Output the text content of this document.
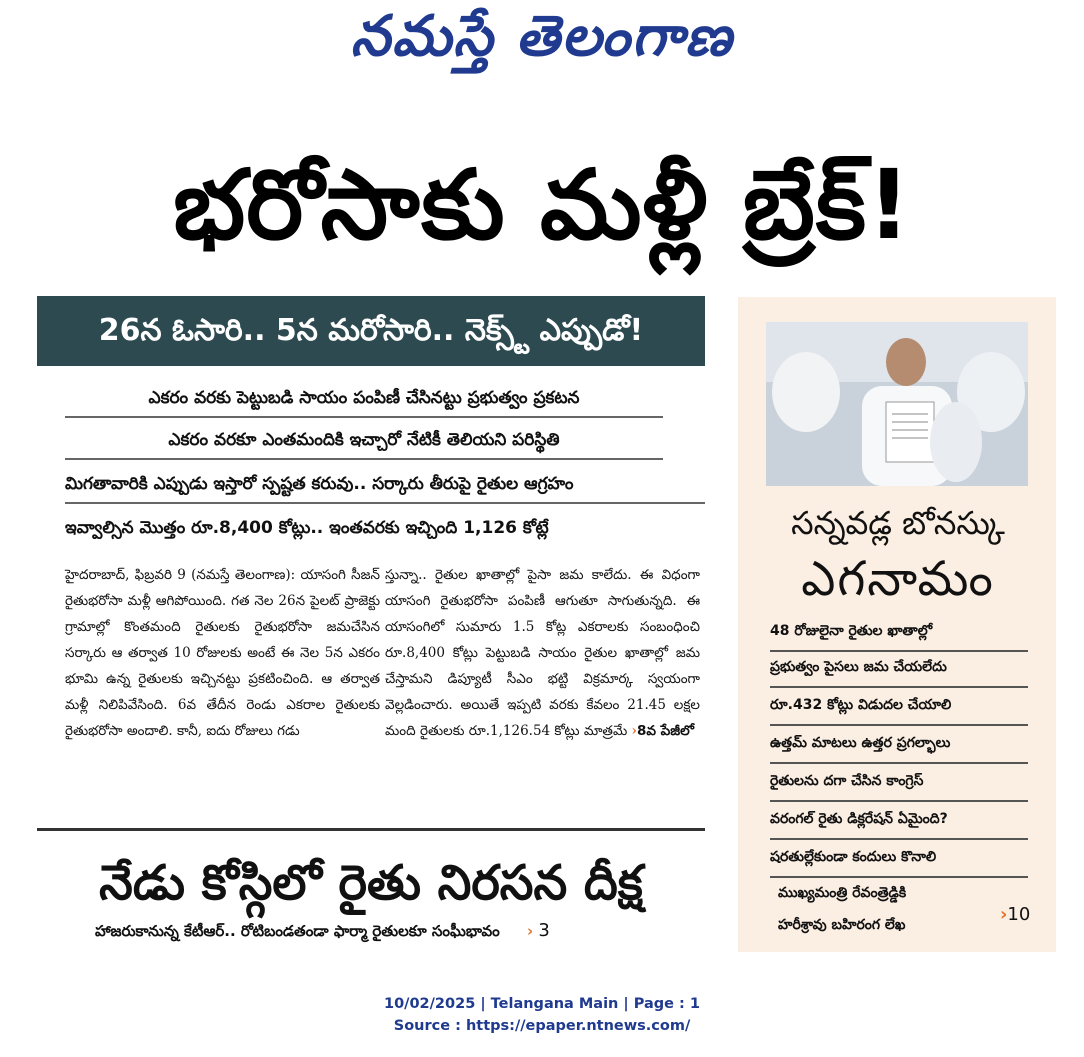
నమస్తే తెలంగాణ
భరోసాకు మళ్లీ బ్రేక్!
26న ఓసారి.. 5న మరోసారి.. నెక్స్ట్ ఎప్పుడో!
ఎకరం వరకు పెట్టుబడి సాయం పంపిణీ చేసినట్టు ప్రభుత్వం ప్రకటన
ఎకరం వరకూ ఎంతమందికి ఇచ్చారో నేటికీ తెలియని పరిస్థితి
మిగతావారికి ఎప్పుడు ఇస్తారో స్పష్టత కరువు.. సర్కారు తీరుపై రైతుల ఆగ్రహం
ఇవ్వాల్సిన మొత్తం రూ.8,400 కోట్లు.. ఇంతవరకు ఇచ్చింది 1,126 కోట్లే
హైదరాబాద్, ఫిబ్రవరి 9 (నమస్తే తెలంగాణ): యాసంగి సీజన్ రైతుభరోసా మళ్లీ ఆగిపోయింది. గత నెల 26న పైలట్ ప్రాజెక్టు గ్రామాల్లో కొంతమంది రైతులకు రైతుభరోసా జమచేసిన సర్కారు ఆ తర్వాత 10 రోజులకు అంటే ఈ నెల 5న ఎకరం భూమి ఉన్న రైతులకు ఇచ్చినట్టు ప్రకటించింది. ఆ తర్వాత మళ్లీ నిలిపివేసింది. 6వ తేదీన రెండు ఎకరాల రైతులకు రైతుభరోసా అందాలి. కానీ, ఐదు రోజులు గడు
స్తున్నా.. రైతుల ఖాతాల్లో పైసా జమ కాలేదు. ఈ విధంగా యాసంగి రైతుభరోసా పంపిణీ ఆగుతూ సాగుతున్నది. ఈ యాసంగిలో సుమారు 1.5 కోట్ల ఎకరాలకు సంబంధించి రూ.8,400 కోట్లు పెట్టుబడి సాయం రైతుల ఖాతాల్లో జమ చేస్తామని డిప్యూటీ సీఎం భట్టి విక్రమార్క స్వయంగా వెల్లడించారు. అయితే ఇప్పటి వరకు కేవలం 21.45 లక్షల మంది రైతులకు రూ.1,126.54 కోట్లు మాత్రమే ›8వ పేజీలో
నేడు కోస్గిలో రైతు నిరసన దీక్ష
హాజరుకానున్న కేటీఆర్.. రోటిబండతండా ఫార్మా రైతులకూ సంఘీభావం › 3
సన్నవడ్ల బోనస్కు
ఎగనామం
48 రోజులైనా రైతుల ఖాతాల్లో
ప్రభుత్వం పైసలు జమ చేయలేదు
రూ.432 కోట్లు విడుదల చేయాలి
ఉత్తమ్ మాటలు ఉత్తర ప్రగల్భాలు
రైతులను దగా చేసిన కాంగ్రెస్
వరంగల్ రైతు డిక్లరేషన్ ఏమైంది?
షరతుల్లేకుండా కందులు కొనాలి
ముఖ్యమంత్రి రేవంత్రెడ్డికి
హరీశ్రావు బహిరంగ లేఖ	›10
10/02/2025 | Telangana Main | Page : 1
Source : https://epaper.ntnews.com/
